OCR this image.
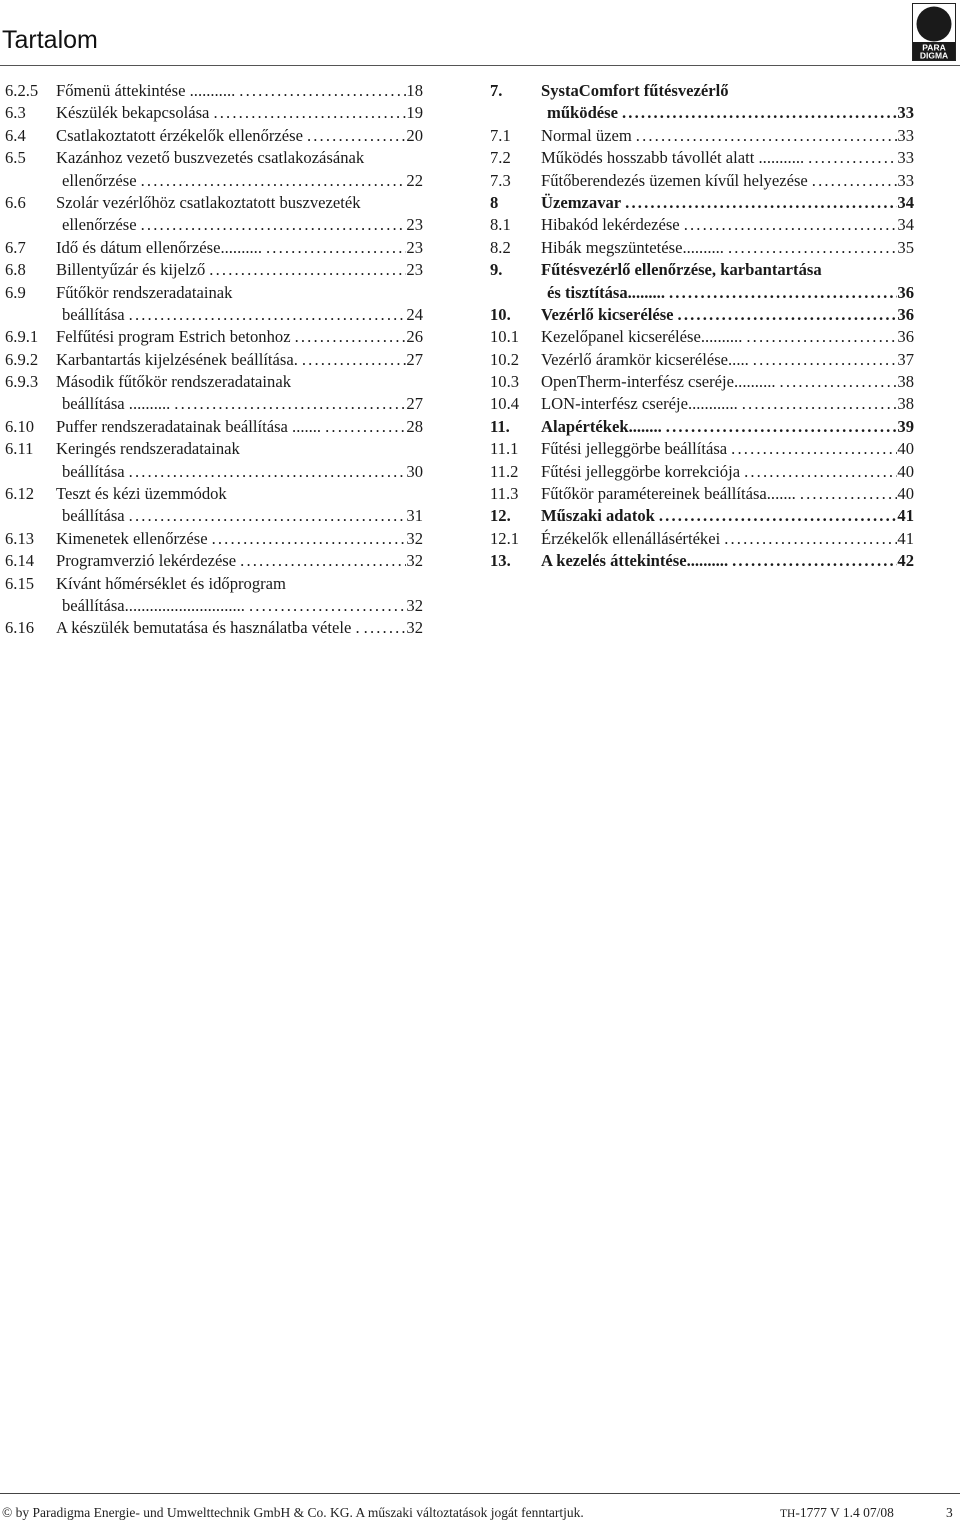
Tartalom	PARA
DIGMA
6.2.5	Főmenü áttekintése ........... . . .	18
6.3	Készülék bekapcsolása . . .	19
6.4	Csatlakoztatott érzékelők ellenőrzése . . .	20
6.5	Kazánhoz vezető buszvezetés csatlakozásának
ellenőrzése . . .	22
6.6	Szolár vezérlőhöz csatlakoztatott buszvezeték
ellenőrzése . . .	23
6.7	Idő és dátum ellenőrzése.......... . . .	23
6.8	Billentyűzár és kijelző . . .	23
6.9	Fűtőkör rendszeradatainak
beállítása . . .	24
6.9.1	Felfűtési program Estrich betonhoz . . .	26
6.9.2	Karbantartás kijelzésének beállítása. . . .	27
6.9.3	Második fűtőkör rendszeradatainak
beállítása .......... . . .	27
6.10	Puffer rendszeradatainak beállítása ....... . . .	28
6.11	Keringés rendszeradatainak
beállítása . . .	30
6.12	Teszt és kézi üzemmódok
beállítása . . .	31
6.13	Kimenetek ellenőrzése . . .	32
6.14	Programverzió lekérdezése . . .	32
6.15	Kívánt hőmérséklet és időprogram
beállítása............................. . . .	32
6.16	A készülék bemutatása és használatba vétele . . . .	32
7.	SystaComfort fűtésvezérlő
működése . . .	33
7.1	Normal üzem . . .	33
7.2	Működés hosszabb távollét alatt ........... . . .	33
7.3	Fűtőberendezés üzemen kívűl helyezése . . .	33
8	Üzemzavar . . .	34
8.1	Hibakód lekérdezése . . .	34
8.2	Hibák megszüntetése.......... . . .	35
9.	Fűtésvezérlő ellenőrzése, karbantartása
és tisztítása......... . . .	36
10.	Vezérlő kicserélése . . .	36
10.1	Kezelőpanel kicserélése.......... . . .	36
10.2	Vezérlő áramkör kicserélése..... . . .	37
10.3	OpenTherm-interfész cseréje.......... . . .	38
10.4	LON-interfész cseréje............ . . .	38
11.	Alapértékek........ . . .	39
11.1	Fűtési jelleggörbe beállítása . . .	40
11.2	Fűtési jelleggörbe korrekciója . . .	40
11.3	Fűtőkör paramétereinek beállítása....... . . .	40
12.	Műszaki adatok . . .	41
12.1	Érzékelők ellenállásértékei . . .	41
13.	A kezelés áttekintése.......... . . .	42
© by Paradigma Energie- und Umwelttechnik GmbH & Co. KG. A műszaki változtatások jogát fenntartjuk.	TH-1777 V 1.4 07/08	3
